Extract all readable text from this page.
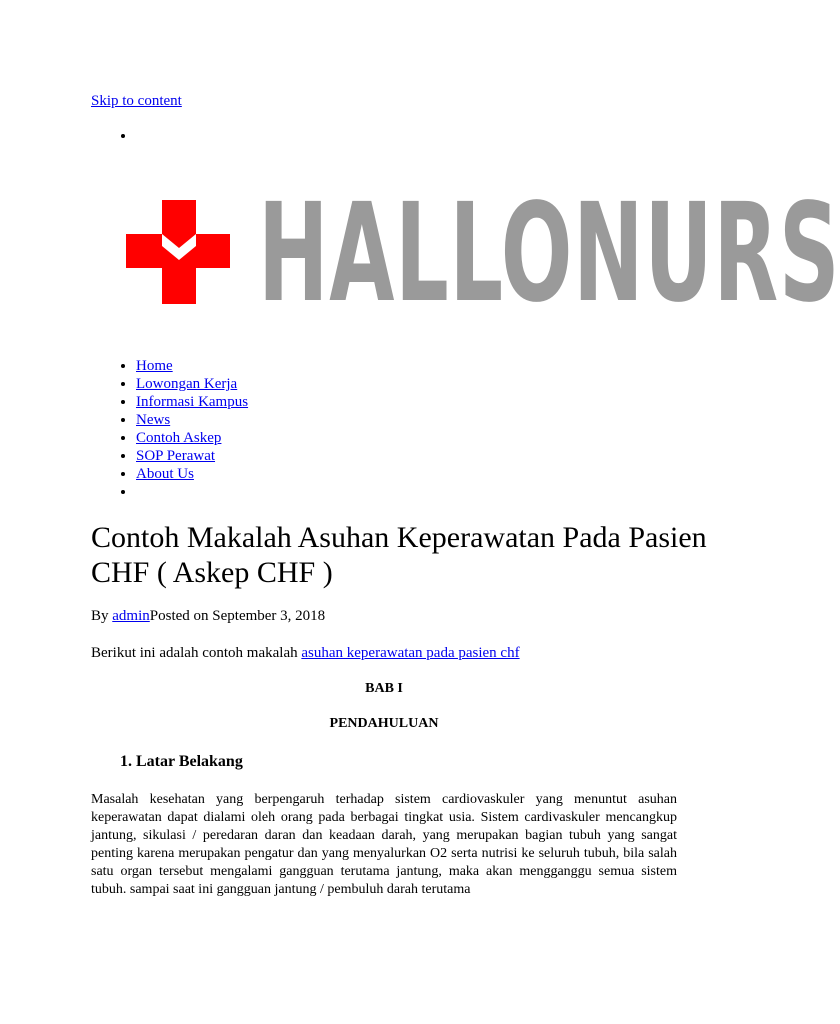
Skip to content
HALLONURS
• Home
• Lowongan Kerja
• Informasi Kampus
• News
• Contoh Askep
• SOP Perawat
• About Us
•
Contoh Makalah Asuhan Keperawatan Pada Pasien CHF ( Askep CHF )
By adminPosted on September 3, 2018
Berikut ini adalah contoh makalah asuhan keperawatan pada pasien chf
BAB I
PENDAHULUAN
1. Latar Belakang

Masalah kesehatan yang berpengaruh terhadap sistem cardiovaskuler yang menuntut asuhan keperawatan dapat dialami oleh orang pada berbagai tingkat usia. Sistem cardivaskuler mencangkup jantung, sikulasi / peredaran daran dan keadaan darah, yang merupakan bagian tubuh yang sangat penting karena merupakan pengatur dan yang menyalurkan O2 serta nutrisi ke seluruh tubuh, bila salah satu organ tersebut mengalami gangguan terutama jantung, maka akan mengganggu semua sistem tubuh. sampai saat ini gangguan jantung / pembuluh darah terutama
